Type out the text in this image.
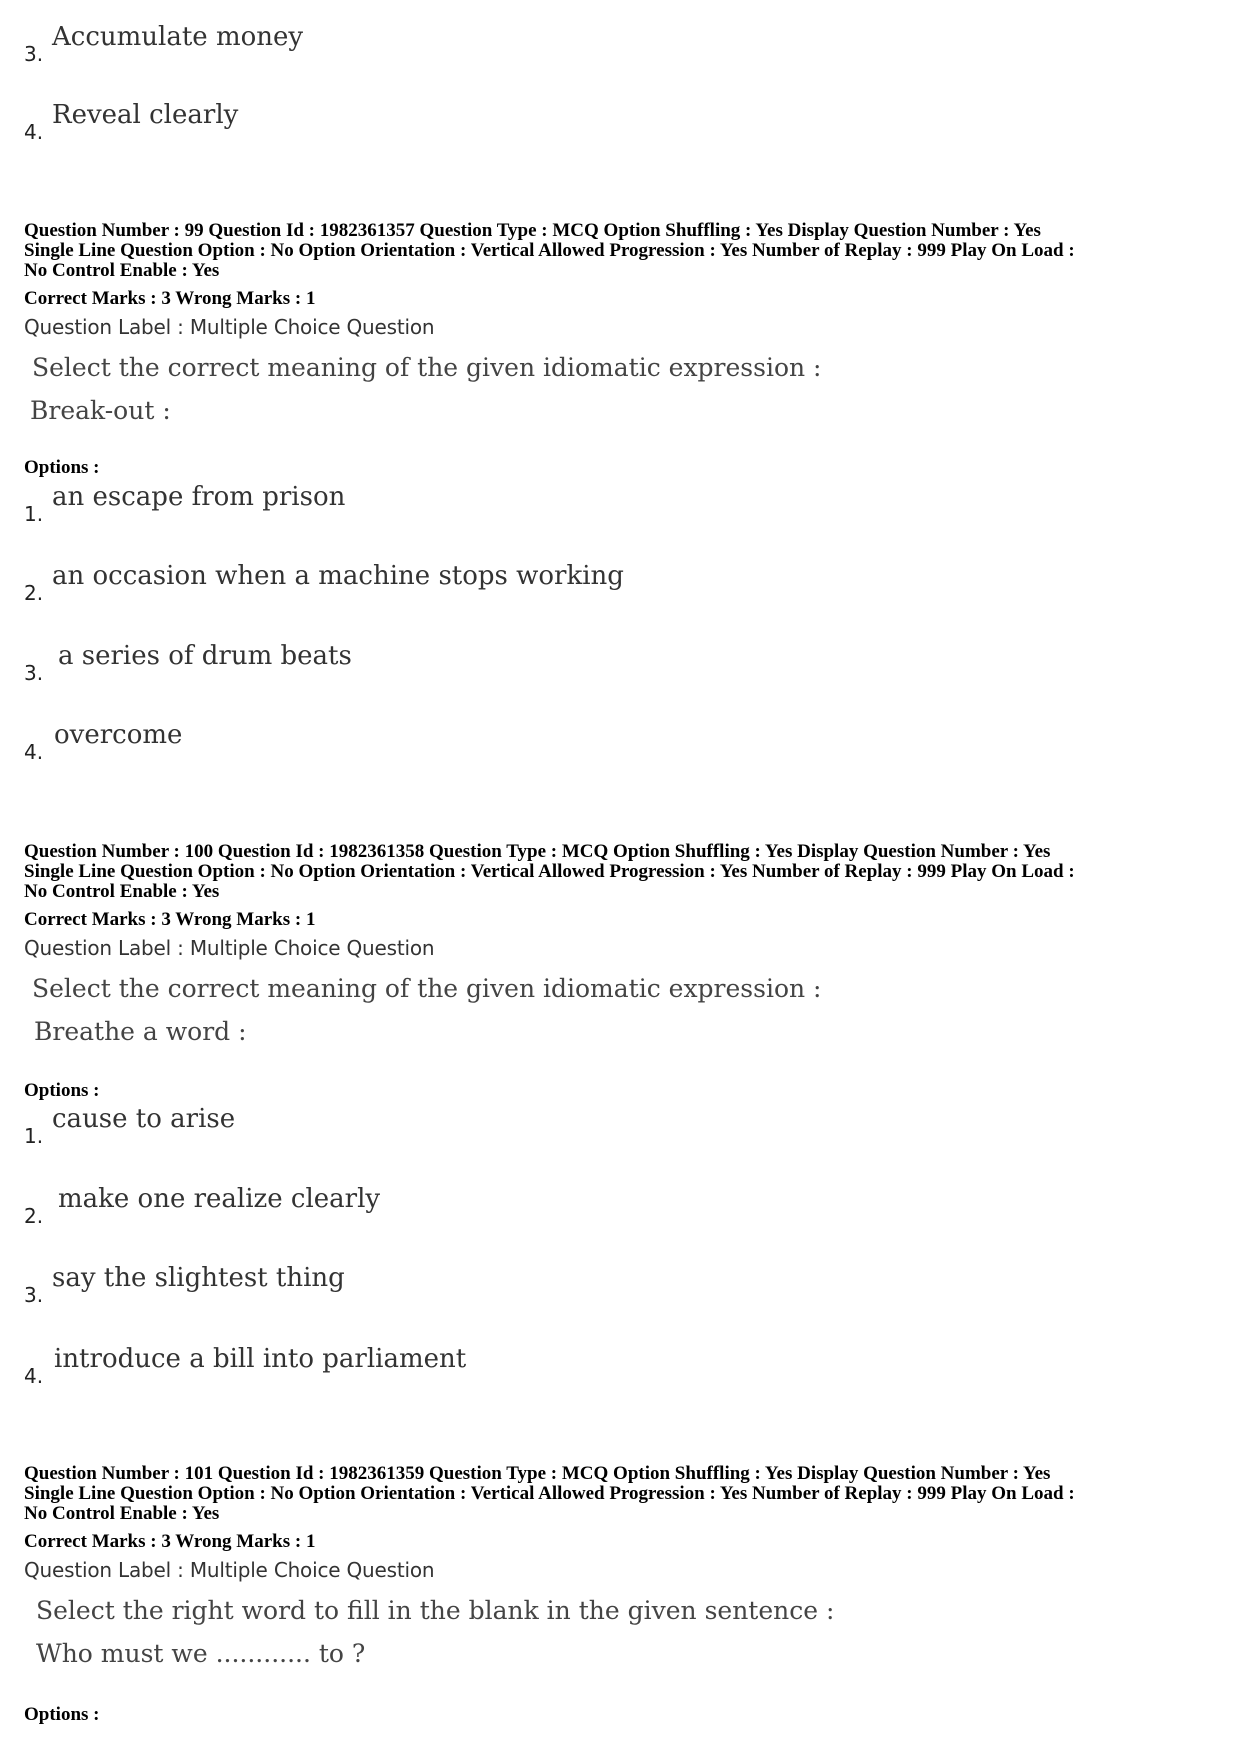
3.
Accumulate money
4.
Reveal clearly
Question Number : 99 Question Id : 1982361357 Question Type : MCQ Option Shuffling : Yes Display Question Number : Yes
Single Line Question Option : No Option Orientation : Vertical Allowed Progression : Yes Number of Replay : 999 Play On Load :
No Control Enable : Yes
Correct Marks : 3 Wrong Marks : 1
Question Label : Multiple Choice Question
Select the correct meaning of the given idiomatic expression :
Break-out :
Options :
1.
an escape from prison
2.
an occasion when a machine stops working
3.
a series of drum beats
4.
overcome
Question Number : 100 Question Id : 1982361358 Question Type : MCQ Option Shuffling : Yes Display Question Number : Yes
Single Line Question Option : No Option Orientation : Vertical Allowed Progression : Yes Number of Replay : 999 Play On Load :
No Control Enable : Yes
Correct Marks : 3 Wrong Marks : 1
Question Label : Multiple Choice Question
Select the correct meaning of the given idiomatic expression :
Breathe a word :
Options :
1.
cause to arise
2.
make one realize clearly
3.
say the slightest thing
4.
introduce a bill into parliament
Question Number : 101 Question Id : 1982361359 Question Type : MCQ Option Shuffling : Yes Display Question Number : Yes
Single Line Question Option : No Option Orientation : Vertical Allowed Progression : Yes Number of Replay : 999 Play On Load :
No Control Enable : Yes
Correct Marks : 3 Wrong Marks : 1
Question Label : Multiple Choice Question
Select the right word to fill in the blank in the given sentence :
Who must we ............ to ?
Options :
